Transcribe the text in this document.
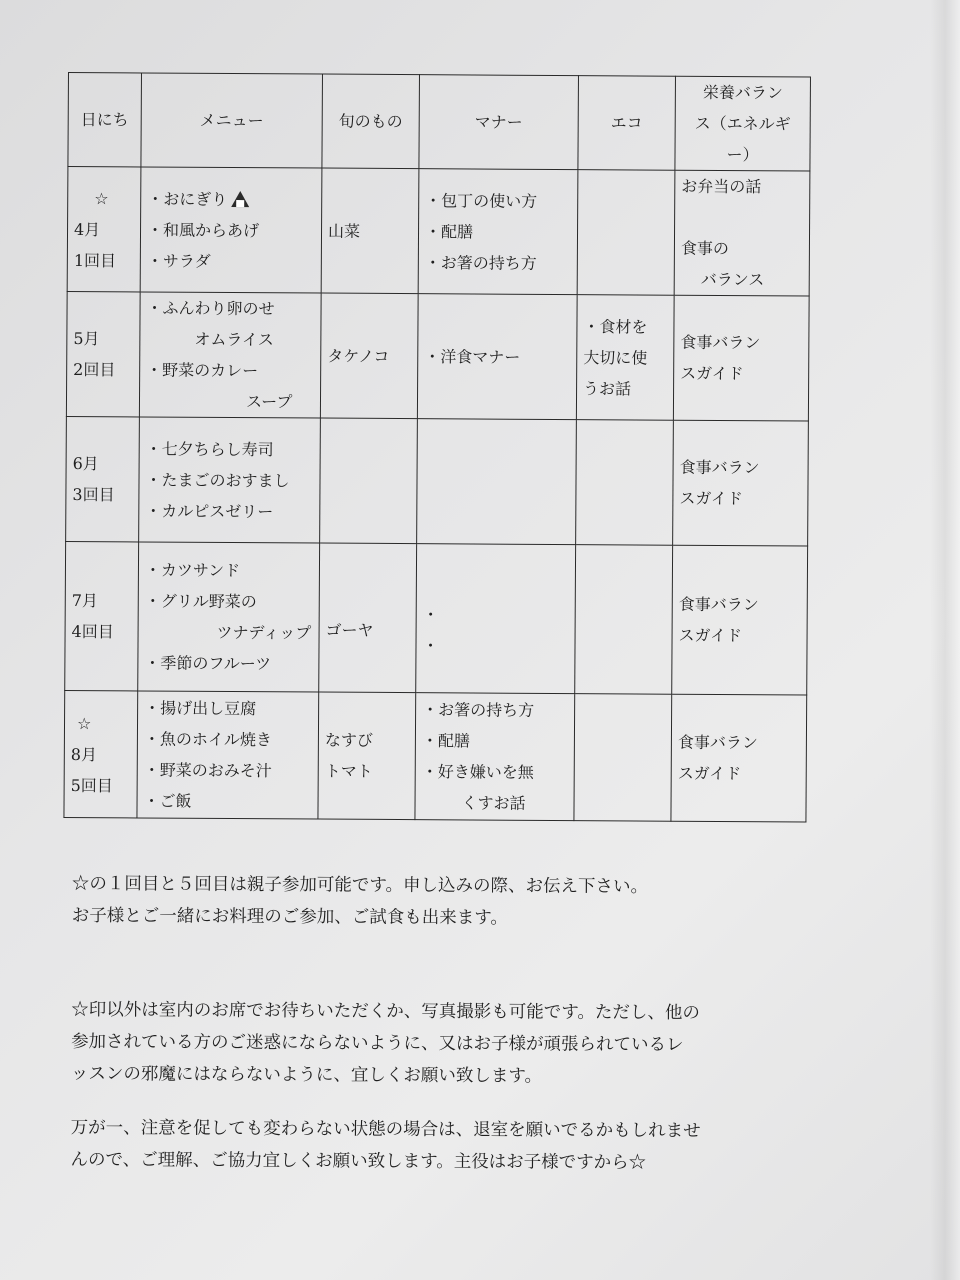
日にち	メニュー	旬のもの	マナー	エコ	栄養バラン
ス（エネルギ
ー）

☆
4月
1回目	・おにぎり
・和風からあげ
・サラダ	山菜	・包丁の使い方
・配膳
・お箸の持ち方		お弁当の話

食事の
バランス

5月
2回目	・ふんわり卵のせ
オムライス
・野菜のカレー
スープ	タケノコ	・洋食マナー	・食材を
大切に使
うお話	食事バラン
スガイド

6月
3回目	・七夕ちらし寿司
・たまごのおすまし
・カルピスゼリー				食事バラン
スガイド

7月
4回目	・カツサンド
・グリル野菜の
ツナディップ
・季節のフルーツ	ゴーヤ	・
・		食事バラン
スガイド

☆
8月
5回目	・揚げ出し豆腐
・魚のホイル焼き
・野菜のおみそ汁
・ご飯	なすび
トマト	・お箸の持ち方
・配膳
・好き嫌いを無
くすお話		食事バラン
スガイド

☆の１回目と５回目は親子参加可能です。申し込みの際、お伝え下さい。

お子様とご一緒にお料理のご参加、ご試食も出来ます。

☆印以外は室内のお席でお待ちいただくか、写真撮影も可能です。ただし、他の

参加されている方のご迷惑にならないように、又はお子様が頑張られているレ

ッスンの邪魔にはならないように、宜しくお願い致します。

万が一、注意を促しても変わらない状態の場合は、退室を願いでるかもしれませ

んので、ご理解、ご協力宜しくお願い致します。主役はお子様ですから☆
